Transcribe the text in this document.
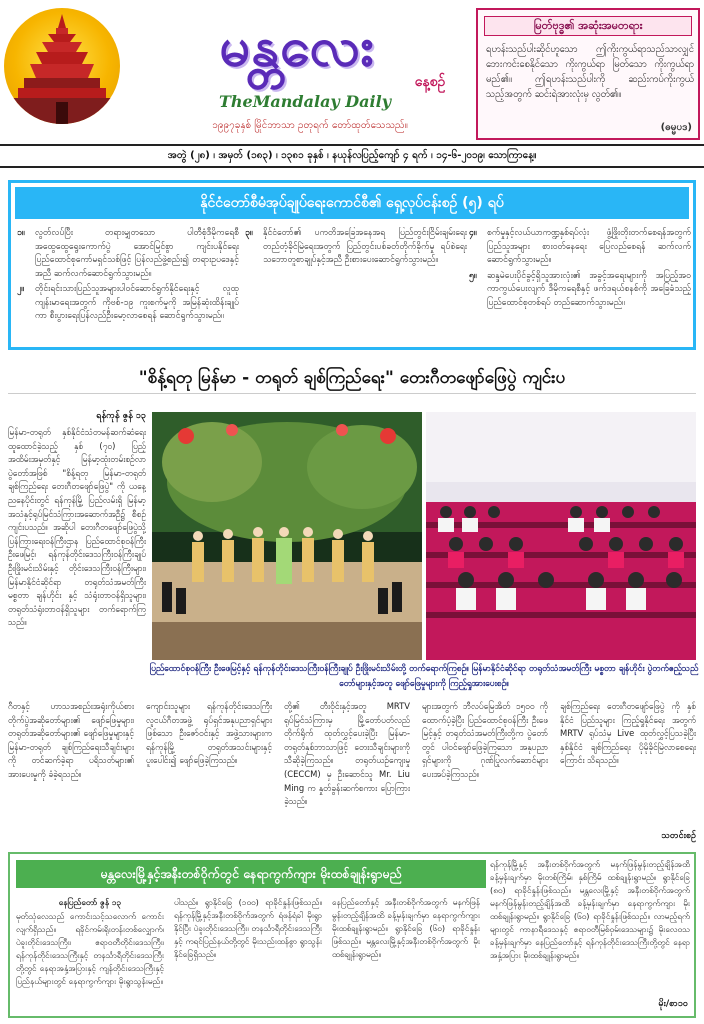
မန္တလေး
နေ့စဉ်
TheMandalay Daily
၁၉၉၇ခုနှစ် မြိုင်ဘာသာ ဥတုရက် တော်ထုတ်သေသည်။
မြတ်ဗုဒ္ဓ၏ အဆုံးအမတရား
ရဟန်းသည်ပါးဆိုင်ဟူသော ဤကိုးကွယ်ရာသည်သာလျှင် ဘေးကင်းစေနိုင်သော ကိုးကွယ်ရာ မြတ်သော ကိုးကွယ်ရာမည်၏။ ဤရဟန်းသည်ပါးကို ဆည်းကပ်ကိုးကွယ်သည့်အတွက် ဆင်းရဲအားလုံးမှ လွတ်၏။
(ဓမ္မပဒ)
အတွဲ (၂၈) ၊ အမှတ် (၁၈၃) ၊ ၁၃၈၁ ခုနှစ် ၊ နယုန်လပြည့်ကျော် ၄ ရက် ၊ ၁၄-၆-၂၀၁၉၊ သောကြာနေ့။
နိုင်ငံတော်စီမံအုပ်ချုပ်ရေးကောင်စီ၏ ရှေ့လုပ်ငန်းစဉ် (၅) ရပ်
၁။ လွတ်လပ်ပြီး တရားမျှတသော ပါတီစုံဒီမိုကရေစီ အထွေထွေရွေးကောက်ပွဲ အောင်မြင်စွာ ကျင်းပနိုင်ရေး ပြည်ထောင်စုကော်မရှင်သစ်ဖြင့် ပြန်လည်ဖွဲ့စည်း၍ တရားဥပဒေနှင့်အညီ ဆက်လက်ဆောင်ရွက်သွားမည်။
၂။ တိုင်းရင်းသားပြည်သူအများပါဝင်ဆောင်ရွက်နိုင်ရေးနှင့် လူထုကျန်းမာရေးအတွက် ကိုဗစ်-၁၉ ကူးစက်မှုကို အမြန်ဆုံးထိန်းချုပ်ကာ စီးပွားရေးပြန်လည်ဦးမော့လာစေရန် ဆောင်ရွက်သွားမည်။
၃။ နိုင်ငံတော်၏ ပကတိအခြေအနေအရ ပြည်တွင်းငြိမ်းချမ်းရေး တည်တံ့ခိုင်မြဲရေးအတွက် ပြည်တွင်းပစ်ခတ်တိုက်ခိုက်မှု ရပ်စဲရေး သဘောတူစာချုပ်နှင့်အညီ ဦးစားပေးဆောင်ရွက်သွားမည်။
၄။ စက်မှုနှင့်လယ်ယာကဏ္ဍနှစ်ရပ်လုံး ဖွံ့ဖြိုးတိုးတက်စေရန်အတွက် ပြည်သူအများ စားဝတ်နေရေး ပြေလည်စေရန် ဆက်လက်ဆောင်ရွက်သွားမည်။
၅။ ဆန္ဒမဲပေးပိုင်ခွင့်ရှိသူအားလုံး၏ အခွင့်အရေးများကို အပြည့်အဝ ကာကွယ်ပေးလျက် ဒီမိုကရေစီနှင့် ဖက်ဒရယ်စနစ်ကို အခြေခံသည့် ပြည်ထောင်စုတစ်ရပ် တည်ဆောက်သွားမည်။
"စိန့်ရတု မြန်မာ - တရုတ် ချစ်ကြည်ရေး" တေးဂီတဖျော်ဖြေပွဲ ကျင်းပ
ပြည်ထောင်စုဝန်ကြီး ဦးဖေမြင့်နှင့် ရန်ကုန်တိုင်းဒေသကြီးဝန်ကြီးချုပ် ဦးဖြိုးမင်းသိမ်းတို့ တက်ရောက်ကြစဉ်။ မြန်မာနိုင်ငံဆိုင်ရာ တရုတ်သံအမတ်ကြီး မစ္စတာ ချန်ဟိုင်း ပွဲတက်ဧည့်သည်တော်များနှင့်အတူ ဖျော်ဖြေမှုများကို ကြည့်ရှုအားပေးစဉ်။
ရန်ကုန် ဇွန် ၁၃
မြန်မာ-တရုတ် နှစ်နိုင်ငံသံတမန်ဆက်ဆံရေးထူထောင်ခဲ့သည့် နှစ် (၇၀) ပြည့် အထိမ်းအမှတ်နှင့် မြန်မာ့ထုံးတမ်းစဉ်လာ ပွဲတော်အဖြစ် "စိန့်ရတု မြန်မာ-တရုတ် ချစ်ကြည်ရေး တေးဂီတဖျော်ဖြေပွဲ" ကို ယနေ့ညနေပိုင်းတွင် ရန်ကုန်မြို့ ပြည်လမ်းရှိ မြန်မာ့အသံနှင့်ရုပ်မြင်သံကြားအဆောက်အဦ၌ စီစဉ်ကျင်းပသည်။ အဆိုပါ တေးဂီတဖျော်ဖြေပွဲသို့ ပြန်ကြားရေးဝန်ကြီးဌာန ပြည်ထောင်စုဝန်ကြီး ဦးဖေမြင့်၊ ရန်ကုန်တိုင်းဒေသကြီးဝန်ကြီးချုပ် ဦးဖြိုးမင်းသိမ်းနှင့် တိုင်းဒေသကြီးဝန်ကြီးများ၊ မြန်မာနိုင်ငံဆိုင်ရာ တရုတ်သံအမတ်ကြီး မစ္စတာ ချန်ဟိုင်း နှင့် သံရုံးတာဝန်ရှိသူများ၊ တရုတ်သံရုံးတာဝန်ရှိသူများ တက်ရောက်ကြသည်။
ဂီတနှင့် ဟာသအစည်းအရုံးကိုယ်စား တိုက်ပွဲအဆိုတော်များ၏ ဖျော်ဖြေမှုများ၊ တရုတ်အဆိုတော်များ၏ ဖျော်ဖြေမှုများနှင့် မြန်မာ-တရုတ် ချစ်ကြည်ရေးသီချင်းများကို တင်ဆက်ခဲ့ရာ ပရိသတ်များ၏ အားပေးမှုကို ခံခဲ့ရသည်။
ကျောင်းသူများ ရန်ကုန်တိုင်းဒေသကြီး လူငယ်ဂီတအဖွဲ့ ရုပ်ရှင်အနုပညာရှင်များ ဖြစ်သော ဦးဇော်ဝင်းနှင့် အဖွဲ့သားများက ရန်ကုန်မြို့ တရုတ်အသင်းများနှင့် ပူးပေါင်း၍ ဖျော်ဖြေခဲ့ကြသည်။
တို့၏ တီးဝိုင်းနှင့်အတူ MRTV ရုပ်မြင်သံကြားမှ မြို့တော်ပတ်လည် တိုက်ရိုက် ထုတ်လွှင့်ပေးခဲ့ပြီး မြန်မာ-တရုတ်နှစ်ဘာသာဖြင့် တေးသီချင်းများကို သီဆိုခဲ့ကြသည်။ တရုတ်ယဉ်ကျေးမှု (CECCM) မှ ဦးဆောင်သူ Mr. Liu Ming က နှုတ်ခွန်းဆက်စကား ပြောကြားခဲ့သည်။
များအတွက် ဘီလပ်မြေအိတ် ၁၅၀၀ ကို ထောက်ပံ့ခဲ့ပြီး ပြည်ထောင်စုဝန်ကြီး ဦးဖေမြင့်နှင့် တရုတ်သံအမတ်ကြီးတို့က ပွဲတော်တွင် ပါဝင်ဖျော်ဖြေခဲ့ကြသော အနုပညာရှင်များကို ဂုဏ်ပြုလက်ဆောင်များ ပေးအပ်ခဲ့ကြသည်။
ချစ်ကြည်ရေး တေးဂီတဖျော်ဖြေပွဲ ကို နှစ်နိုင်ငံ ပြည်သူများ ကြည့်ရှုနိုင်ရေး အတွက် MRTV ရုပ်သံမှ Live ထုတ်လွှင့်ပြသခဲ့ပြီး နှစ်နိုင်ငံ ချစ်ကြည်ရေး ပိုမိုခိုင်မြဲလာစေရေး ကြောင်း သိရသည်။
သတင်းစဉ်
မန္တလေးမြို့နှင့်အနီးတစ်ဝိုက်တွင် နေရာကွက်ကျား မိုးထစ်ချုန်းရွာမည်
နေပြည်တော် ဇွန် ၁၃
မုတ်သုံလေသည် ကောင်းသင့်သလောက် ကောင်းလျက်ရှိသည်။ ရခိုင်ကမ်းရိုးတန်းတစ်လျှောက်၊ ပဲခူးတိုင်းဒေသကြီး၊ ဧရာဝတီတိုင်းဒေသကြီး၊ ရန်ကုန်တိုင်းဒေသကြီးနှင့် တနင်္သာရီတိုင်းဒေသကြီးတို့တွင် နေရာအနှံ့အပြားနှင့် ကျန်တိုင်းဒေသကြီးနှင့် ပြည်နယ်များတွင် နေရာကွက်ကျား မိုးရွာသွန်းမည်။
ပါသည်။ ရွာနိုင်ခြေ (၁၀၀) ရာခိုင်နှုန်းဖြစ်သည်။ ရန်ကုန်မြို့နှင့်အနီးတစ်ဝိုက်အတွက် ရံဖန်ရံခါ မိုးရွာနိုင်ပြီး ပဲခူးတိုင်းဒေသကြီး၊ တနင်္သာရီတိုင်းဒေသကြီးနှင့် ကရင်ပြည်နယ်တို့တွင် မိုးသည်းထန်စွာ ရွာသွန်းနိုင်ခြေရှိသည်။
နေပြည်တော်နှင့် အနီးတစ်ဝိုက်အတွက် မနက်ဖြန်မွန်းတည့်ချိန်အထိ ခန့်မှန်းချက်မှာ နေရာကွက်ကျား မိုးထစ်ချုန်းရွာမည်။ ရွာနိုင်ခြေ (၆၀) ရာခိုင်နှုန်း ဖြစ်သည်။ မန္တလေးမြို့နှင့်အနီးတစ်ဝိုက်အတွက် မိုးထစ်ချုန်းရွာမည်။
ရန်ကုန်မြို့နှင့် အနီးတစ်ဝိုက်အတွက် မနက်ဖြန်မွန်းတည့်ချိန်အထိ ခန့်မှန်းချက်မှာ မိုးတစ်ကြိမ်၊ နှစ်ကြိမ် ထစ်ချုန်းရွာမည်။ ရွာနိုင်ခြေ (၈၀) ရာခိုင်နှုန်းဖြစ်သည်။ မန္တလေးမြို့နှင့် အနီးတစ်ဝိုက်အတွက် မနက်ဖြန်မွန်းတည့်ချိန်အထိ ခန့်မှန်းချက်မှာ နေရာကွက်ကျား မိုးထစ်ချုန်းရွာမည်။ ရွာနိုင်ခြေ (၆၀) ရာခိုင်နှုန်းဖြစ်သည်။ လာမည့်ရက်များတွင် ကာနာရီဒေသနှင့် ဧရာဝတီမြစ်ဝှမ်းဒေသများ၌ မိုးလေဝသ ခန့်မှန်းချက်မှာ နေပြည်တော်နှင့် ရန်ကုန်တိုင်းဒေသကြီးတို့တွင် နေရာအနှံ့အပြား မိုးထစ်ချုန်းရွာမည်။
မိုး/စာ၁၀
